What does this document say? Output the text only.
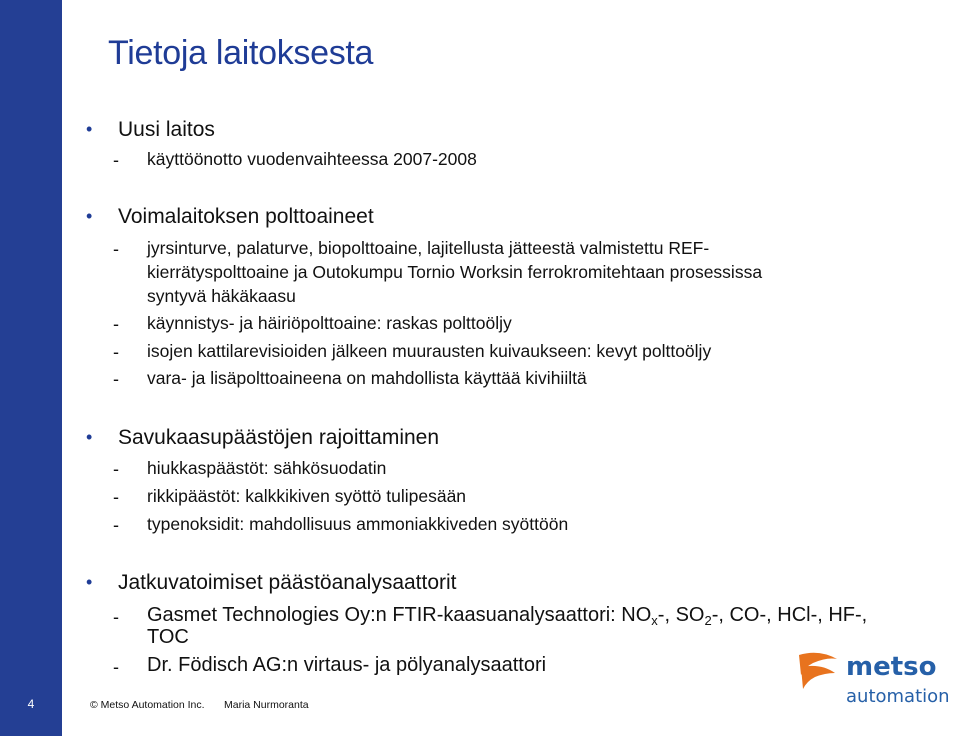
4
Tietoja laitoksesta
• Uusi laitos
- käyttöönotto vuodenvaihteessa 2007-2008
• Voimalaitoksen polttoaineet
- jyrsinturve, palaturve, biopolttoaine, lajitellusta jätteestä valmistettu REF-
kierrätyspolttoaine ja Outokumpu Tornio Worksin ferrokromitehtaan prosessissa
syntyvä häkäkaasu
- käynnistys- ja häiriöpolttoaine: raskas polttoöljy
- isojen kattilarevisioiden jälkeen muurausten kuivaukseen: kevyt polttoöljy
- vara- ja lisäpolttoaineena on mahdollista käyttää kivihiiltä
• Savukaasupäästöjen rajoittaminen
- hiukkaspäästöt: sähkösuodatin
- rikkipäästöt: kalkkikiven syöttö tulipesään
- typenoksidit: mahdollisuus ammoniakkiveden syöttöön
• Jatkuvatoimiset päästöanalysaattorit
- Gasmet Technologies Oy:n FTIR-kaasuanalysaattori: $NO_x-$, $SO_2-$, CO-, HCl-, HF-,
TOC
- Dr. Födisch AG:n virtaus- ja pölyanalysaattori
© Metso Automation Inc. Maria Nurmoranta
metso
automation
